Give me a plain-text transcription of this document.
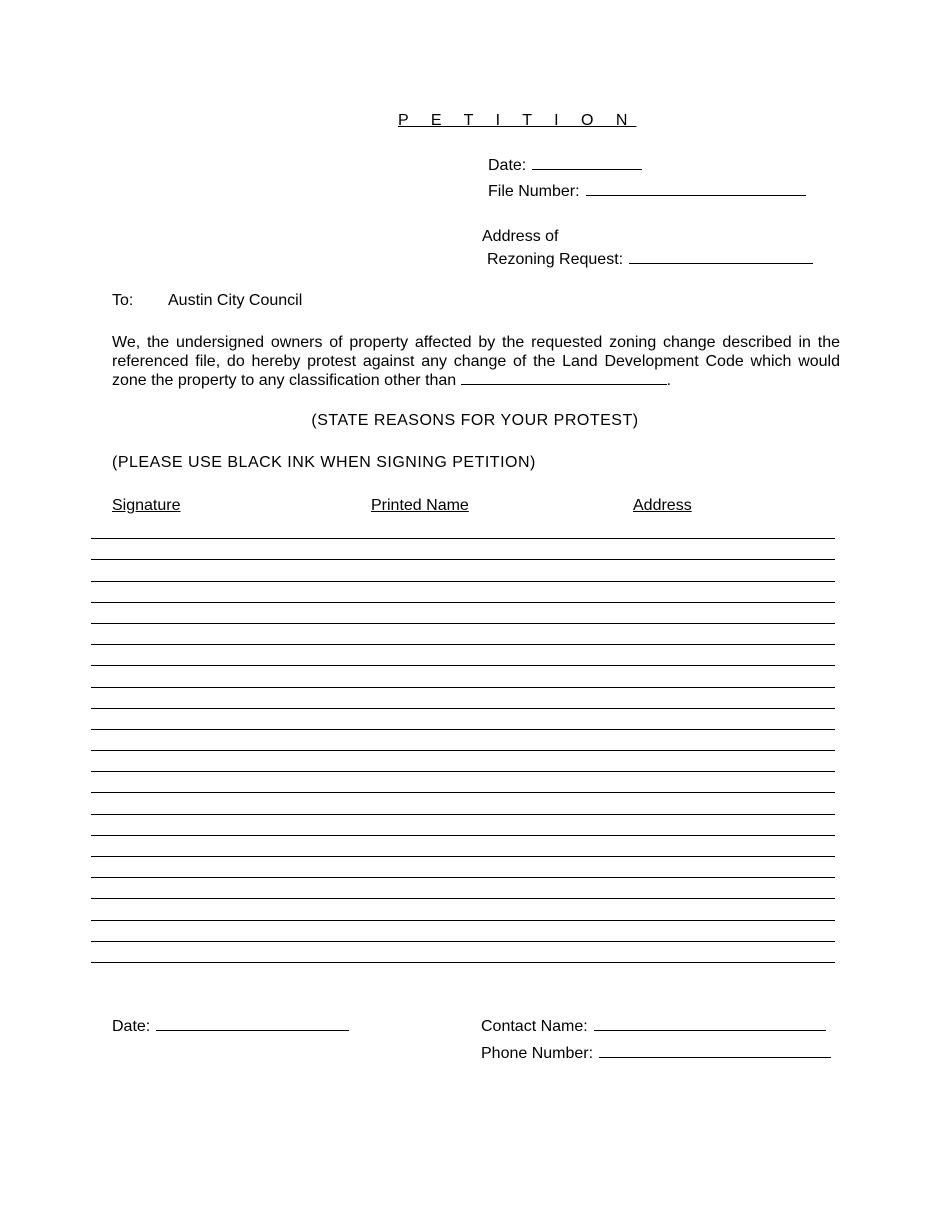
P E T I T I O N
Date:
File Number:
Address of
Rezoning Request:
To: Austin City Council
We, the undersigned owners of property affected by the requested zoning change described in the referenced file, do hereby protest against any change of the Land Development Code which would zone the property to any classification other than	.
(STATE REASONS FOR YOUR PROTEST)
(PLEASE USE BLACK INK WHEN SIGNING PETITION)
Signature	Printed Name	Address
Date:	Contact Name:
Phone Number:
